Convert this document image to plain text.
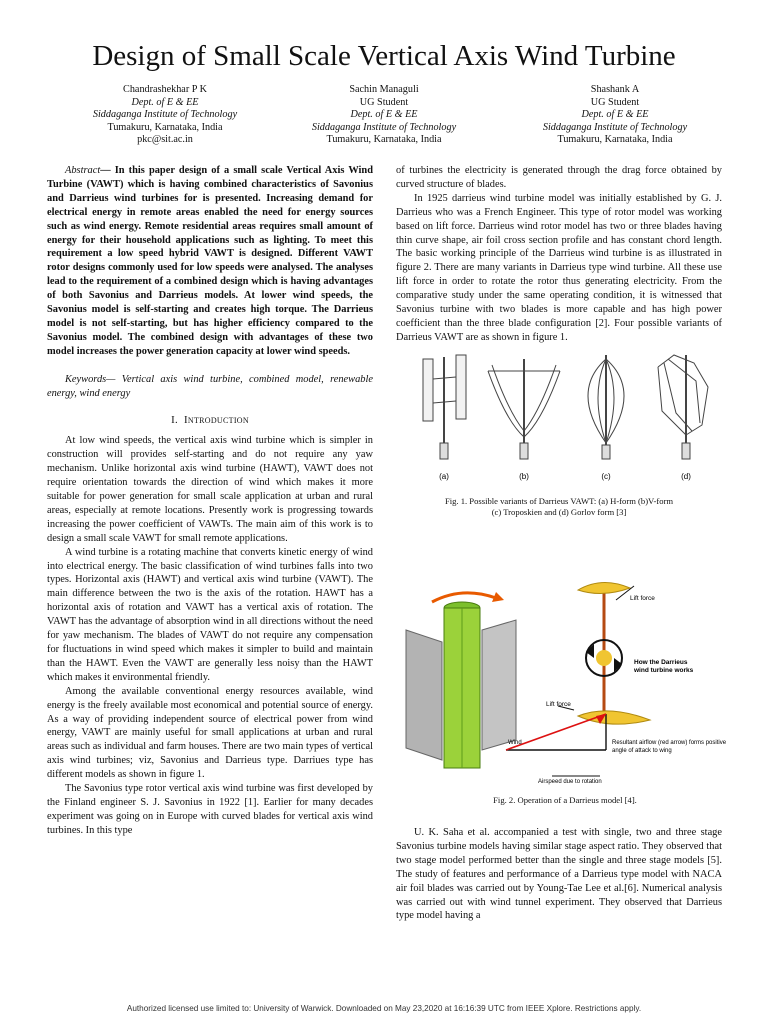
Design of Small Scale Vertical Axis Wind Turbine
Chandrashekhar P K
Dept. of E & EE
Siddaganga Institute of Technology
Tumakuru, Karnataka, India
pkc@sit.ac.in
Sachin Managuli
UG Student
Dept. of E & EE
Siddaganga Institute of Technology
Tumakuru, Karnataka, India
Shashank A
UG Student
Dept. of E & EE
Siddaganga Institute of Technology
Tumakuru, Karnataka, India

Abstract— In this paper design of a small scale Vertical Axis Wind Turbine (VAWT) which is having combined characteristics of Savonius and Darrieus wind turbines for is presented. Increasing demand for electrical energy in remote areas enabled the need for energy sources such as wind energy. Remote residential areas requires small amount of energy for their household applications such as lighting. To meet this requirement a low speed hybrid VAWT is designed. Different VAWT rotor designs commonly used for low speeds were analysed. The analyses lead to the requirement of a combined design which is having advantages of both Savonius and Darrieus models. At lower wind speeds, the Savonius model is self-starting and creates high torque. The Darrieus model is not self-starting, but has higher efficiency compared to the Savonius model. The combined design with advantages of these two model increases the power generation capacity at lower wind speeds.

Keywords— Vertical axis wind turbine, combined model, renewable energy, wind energy

I. Introduction

At low wind speeds, the vertical axis wind turbine which is simpler in construction will provides self-starting and do not require any yaw mechanism. Unlike horizontal axis wind turbine (HAWT), VAWT does not require orientation towards the direction of wind which makes it more suitable for power generation for small scale application at urban and rural areas, especially at remote locations. Presently work is progressing towards increasing the power coefficient of VAWTs. The main aim of this work is to design a small scale VAWT for small remote applications.

A wind turbine is a rotating machine that converts kinetic energy of wind into electrical energy. The basic classification of wind turbines falls into two types. Horizontal axis (HAWT) and vertical axis wind turbine (VAWT). The main difference between the two is the axis of the rotation. HAWT has a horizontal axis of rotation and VAWT has a vertical axis of rotation. The VAWT has the advantage of absorption wind in all directions without the need for yaw mechanism. The blades of VAWT do not require any compensation for fluctuations in wind speed which makes it simpler to build and maintain than the HAWT. Even the VAWT are generally less noisy than the HAWT which makes it environmental friendly.

Among the available conventional energy resources available, wind energy is the freely available most economical and potential source of energy. As a way of providing independent source of electrical power from wind energy, VAWT are mainly useful for small applications at urban and rural areas such as individual and farm houses. There are two main types of vertical axis wind turbines; viz, Savonius and Darrieus type. Darriues type has different models as shown in figure 1.

The Savonius type rotor vertical axis wind turbine was first developed by the Finland engineer S. J. Savonius in 1922 [1]. Earlier for many decades experiment was going on in Europe with curved blades for vertical axis wind turbines. In this type

of turbines the electricity is generated through the drag force obtained by curved structure of blades.

In 1925 darrieus wind turbine model was initially established by G. J. Darrieus who was a French Engineer. This type of rotor model was working based on lift force. Darrieus wind rotor model has two or three blades having thin curve shape, air foil cross section profile and has constant chord length. The basic working principle of the Darrieus wind turbine is as illustrated in figure 2. There are many variants in Darrieus type wind turbine. All these use lift force in order to rotate the rotor thus generating electricity. From the comparative study under the same operating condition, it is witnessed that Savonius turbine with two blades is more capable and has high power coefficient than the three blade configuration [2]. Four possible variants of Darrieus VAWT are as shown in figure 1.

(a)	(b)	(c)	(d)

Fig. 1. Possible variants of Darrieus VAWT: (a) H-form (b)V-form
(c) Troposkien and (d) Gorlov form [3]

Lift force
Lift force
How the Darrieus
wind turbine works
Resultant airflow (red arrow) forms positive
angle of attack to wing
Wind
Airspeed due to rotation

Fig. 2. Operation of a Darrieus model [4].

U. K. Saha et al. accompanied a test with single, two and three stage Savonius turbine models having similar stage aspect ratio. They observed that two stage model performed better than the single and three stage models [5]. The study of features and performance of a Darrieus type model with NACA air foil blades was carried out by Young-Tae Lee et al.[6]. Numerical analysis was carried out with wind tunnel experiment. They observed that Darrieus type model having a

Authorized licensed use limited to: University of Warwick. Downloaded on May 23,2020 at 16:16:39 UTC from IEEE Xplore. Restrictions apply.
